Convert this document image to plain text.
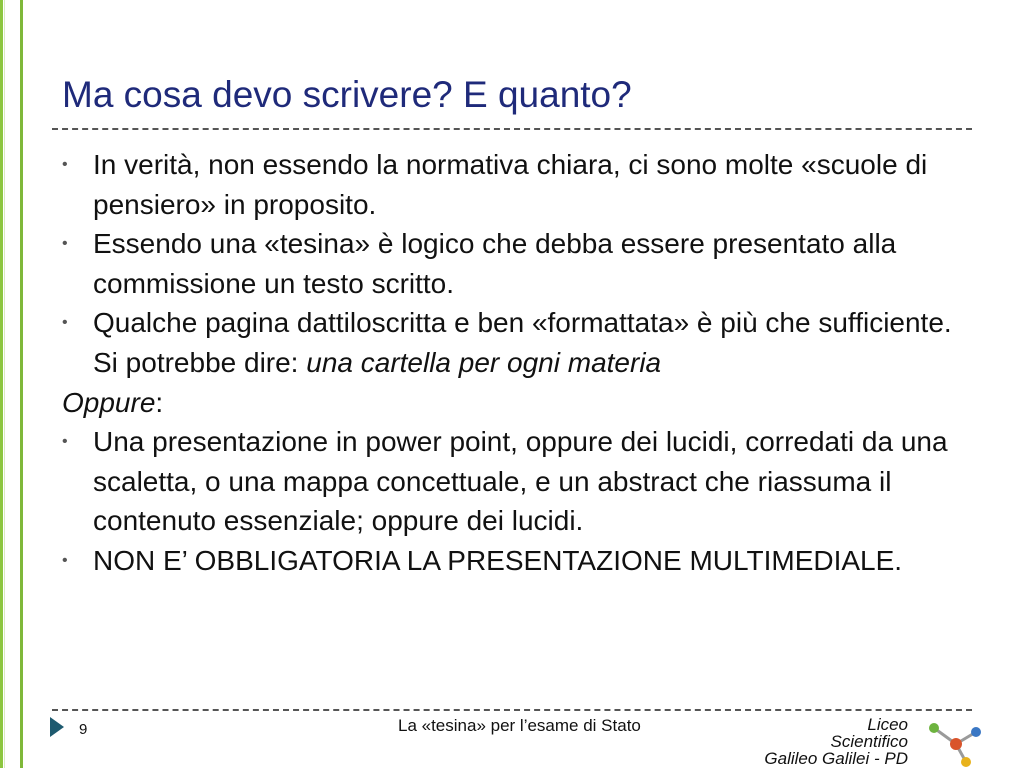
Ma cosa devo scrivere? E quanto?
• In verità, non essendo la normativa chiara, ci sono molte «scuole di pensiero» in proposito.
• Essendo una «tesina» è logico che debba essere presentato alla commissione un testo scritto.
• Qualche pagina dattiloscritta e ben «formattata» è più che sufficiente. Si potrebbe dire: una cartella per ogni materia
Oppure:
• Una presentazione in power point, oppure dei lucidi, corredati da una scaletta, o una mappa concettuale, e un abstract che riassuma il contenuto essenziale; oppure dei lucidi.
• NON E’ OBBLIGATORIA LA PRESENTAZIONE MULTIMEDIALE.
9	La «tesina» per l’esame di Stato	Liceo
Scientifico
Galileo Galilei - PD
